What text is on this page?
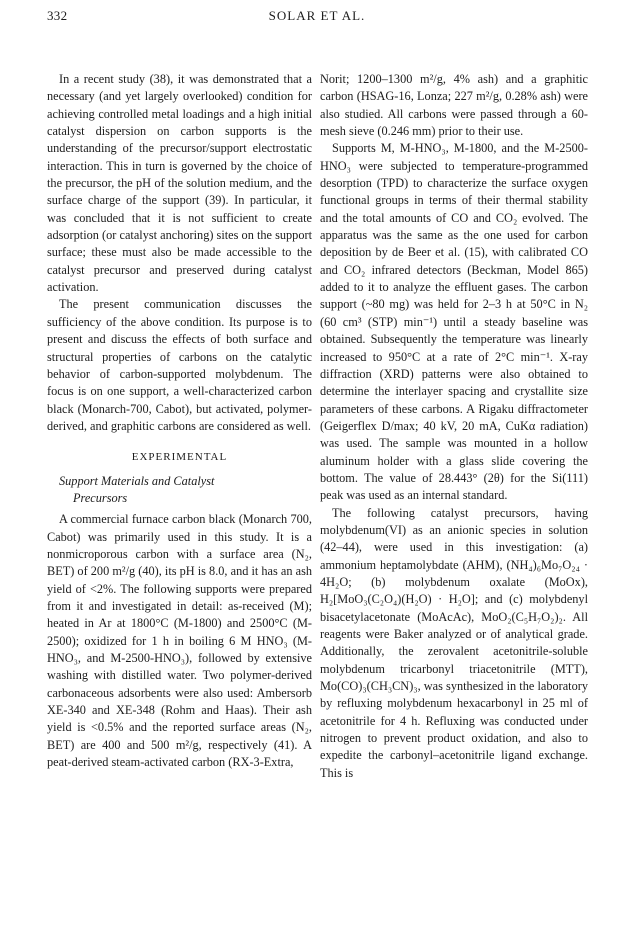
332	SOLAR ET AL.

In a recent study (38), it was demonstrated that a necessary (and yet largely overlooked) condition for achieving controlled metal loadings and a high initial catalyst dispersion on carbon supports is the understanding of the precursor/support electrostatic interaction. This in turn is governed by the choice of the precursor, the pH of the solution medium, and the surface charge of the support (39). In particular, it was concluded that it is not sufficient to create adsorption (or catalyst anchoring) sites on the support surface; these must also be made accessible to the catalyst precursor and preserved during catalyst activation.

The present communication discusses the sufficiency of the above condition. Its purpose is to present and discuss the effects of both surface and structural properties of carbons on the catalytic behavior of carbon-supported molybdenum. The focus is on one support, a well-characterized carbon black (Monarch-700, Cabot), but activated, polymer-derived, and graphitic carbons are considered as well.

EXPERIMENTAL
Support Materials and Catalyst
Precursors

A commercial furnace carbon black (Monarch 700, Cabot) was primarily used in this study. It is a nonmicroporous carbon with a surface area (N₂, BET) of 200 m²/g (40), its pH is 8.0, and it has an ash yield of <2%. The following supports were prepared from it and investigated in detail: as-received (M); heated in Ar at 1800°C (M-1800) and 2500°C (M-2500); oxidized for 1 h in boiling 6 M HNO₃ (M-HNO₃, and M-2500-HNO₃), followed by extensive washing with distilled water. Two polymer-derived carbonaceous adsorbents were also used: Ambersorb XE-340 and XE-348 (Rohm and Haas). Their ash yield is <0.5% and the reported surface areas (N₂, BET) are 400 and 500 m²/g, respectively (41). A peat-derived steam-activated carbon (RX-3-Extra,

Norit; 1200–1300 m²/g, 4% ash) and a graphitic carbon (HSAG-16, Lonza; 227 m²/g, 0.28% ash) were also studied. All carbons were passed through a 60-mesh sieve (0.246 mm) prior to their use.

Supports M, M-HNO₃, M-1800, and the M-2500-HNO₃ were subjected to temperature-programmed desorption (TPD) to characterize the surface oxygen functional groups in terms of their thermal stability and the total amounts of CO and CO₂ evolved. The apparatus was the same as the one used for carbon deposition by de Beer et al. (15), with calibrated CO and CO₂ infrared detectors (Beckman, Model 865) added to it to analyze the effluent gases. The carbon support (~80 mg) was held for 2–3 h at 50°C in N₂ (60 cm³ (STP) min⁻¹) until a steady baseline was obtained. Subsequently the temperature was linearly increased to 950°C at a rate of 2°C min⁻¹. X-ray diffraction (XRD) patterns were also obtained to determine the interlayer spacing and crystallite size parameters of these carbons. A Rigaku diffractometer (Geigerflex D/max; 40 kV, 20 mA, CuKα radiation) was used. The sample was mounted in a hollow aluminum holder with a glass slide covering the bottom. The value of 28.443° (2θ) for the Si(111) peak was used as an internal standard.

The following catalyst precursors, having molybdenum(VI) as an anionic species in solution (42–44), were used in this investigation: (a) ammonium heptamolybdate (AHM), (NH₄)₆Mo₇O₂₄ · 4H₂O; (b) molybdenum oxalate (MoOx), H₂[MoO₃(C₂O₄)(H₂O) · H₂O]; and (c) molybdenyl bisacetylacetonate (MoAcAc), MoO₂(C₅H₇O₂)₂. All reagents were Baker analyzed or of analytical grade. Additionally, the zerovalent acetonitrile-soluble molybdenum tricarbonyl triacetonitrile (MTT), Mo(CO)₃(CH₃CN)₃, was synthesized in the laboratory by refluxing molybdenum hexacarbonyl in 25 ml of acetonitrile for 4 h. Refluxing was conducted under nitrogen to prevent product oxidation, and also to expedite the carbonyl–acetonitrile ligand exchange. This is
